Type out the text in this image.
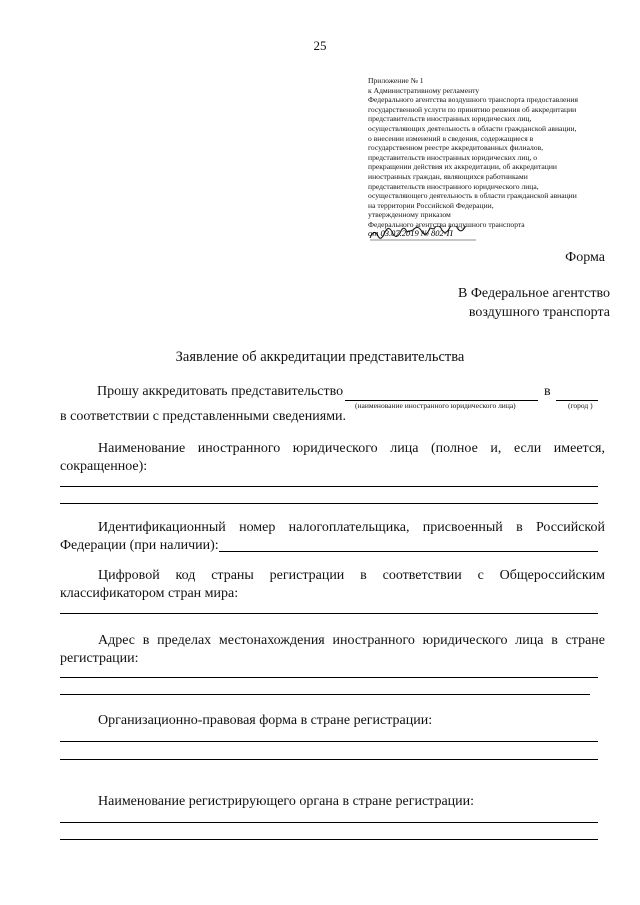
25
Приложение № 1
к Административному регламенту
Федерального агентства воздушного транспорта предоставления
государственной услуги по принятию решения об аккредитации
представительств иностранных юридических лиц,
осуществляющих деятельность в области гражданской авиации,
о внесении изменений в сведения, содержащиеся в
государственном реестре аккредитованных филиалов,
представительств иностранных юридических лиц, о
прекращении действия их аккредитации, об аккредитации
иностранных граждан, являющихся работниками
представительств иностранного юридического лица,
осуществляющего деятельность в области гражданской авиации
на территории Российской Федерации,
утвержденному приказом
Федерального агентства воздушного транспорта
от 03.07.2019 № 802-П
Форма
В Федеральное агентство
воздушного транспорта
Заявление об аккредитации представительства
Прошу аккредитовать представительство	в
(наименование иностранного юридического лица)	(город )
в соответствии с представленными сведениями.
Наименование иностранного юридического лица (полное и, если имеется,
сокращенное):
Идентификационный номер налогоплательщика, присвоенный в Российской
Федерации (при наличии):
Цифровой код страны регистрации в соответствии с Общероссийским
классификатором стран мира:
Адрес в пределах местонахождения иностранного юридического лица в стране
регистрации:
Организационно-правовая форма в стране регистрации:
Наименование регистрирующего органа в стране регистрации:
